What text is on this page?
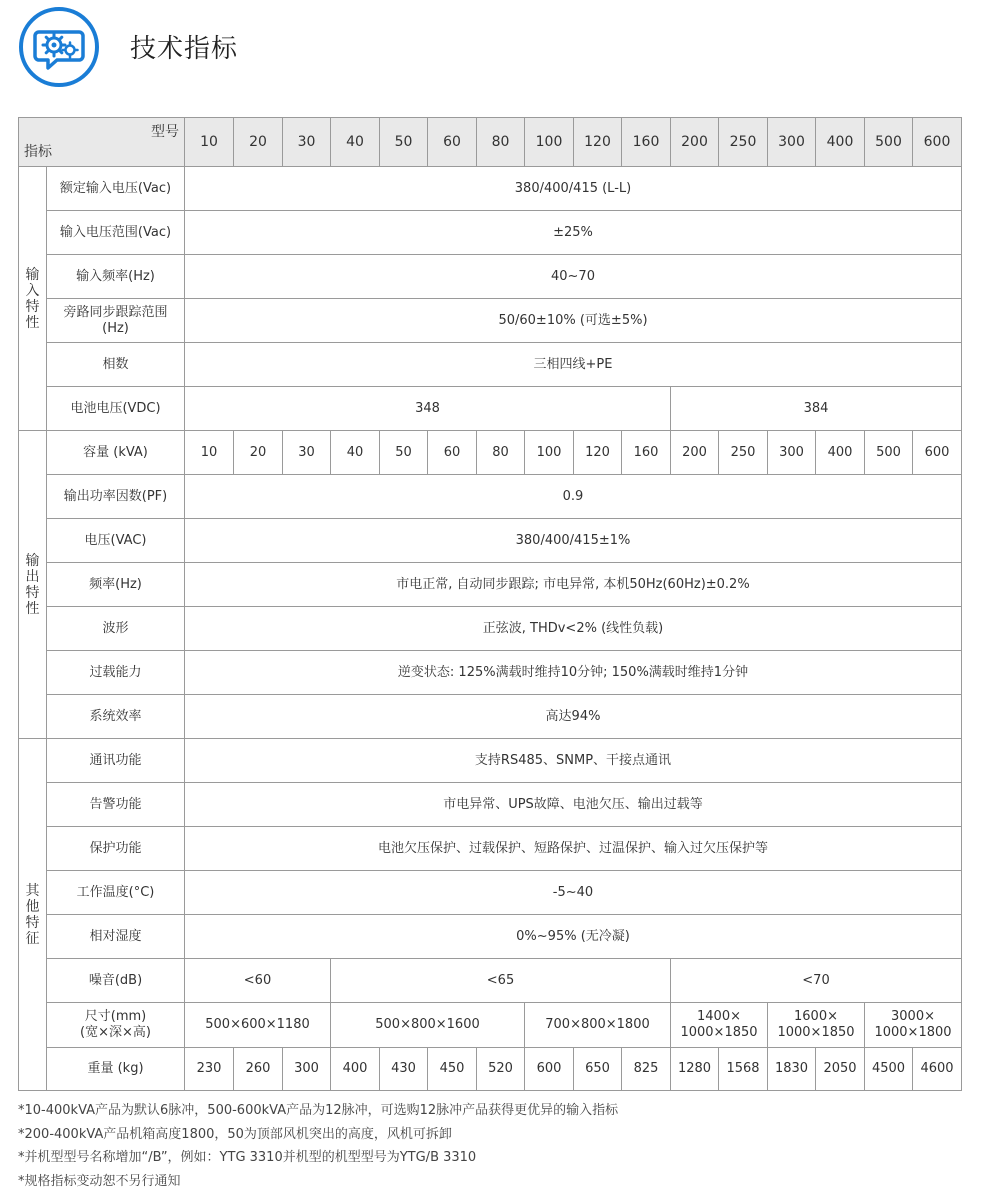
技术指标
型号
指标		10	20	30	40	50	60	80	100	120	160	200	250	300	400	500	600
输
入
特
性	额定输入电压(Vac)	380/400/415 (L-L)															
	输入电压范围(Vac)	±25%															
	输入频率(Hz)	40~70															
	旁路同步跟踪范围
(Hz)	50/60±10% (可选±5%)															
	相数	三相四线+PE															
	电池电压(VDC)	348										384					
输
出
特
性	容量 (kVA)	10	20	30	40	50	60	80	100	120	160	200	250	300	400	500	600
	输出功率因数(PF)	0.9															
	电压(VAC)	380/400/415±1%															
	频率(Hz)	市电正常, 自动同步跟踪; 市电异常, 本机50Hz(60Hz)±0.2%															
	波形	正弦波, THDv<2% (线性负载)															
	过载能力	逆变状态: 125%满载时维持10分钟; 150%满载时维持1分钟															
	系统效率	高达94%															
其
他
特
征	通讯功能	支持RS485、SNMP、干接点通讯															
	告警功能	市电异常、UPS故障、电池欠压、输出过载等															
	保护功能	电池欠压保护、过载保护、短路保护、过温保护、输入过欠压保护等															
	工作温度(°C)	-5~40															
	相对湿度	0%~95% (无冷凝)															
	噪音(dB)	<60			<65							<70					
	尺寸(mm)
(宽×深×高)	500×600×1180			500×800×1600				700×800×1800			1400×
1000×1850		1600×
1000×1850		3000×
1000×1800	
	重量 (kg)	230	260	300	400	430	450	520	600	650	825	1280	1568	1830	2050	4500	4600
*10-400kVA产品为默认6脉冲，500-600kVA产品为12脉冲，可选购12脉冲产品获得更优异的输入指标
*200-400kVA产品机箱高度1800，50为顶部风机突出的高度，风机可拆卸
*并机型型号名称增加“/B”，例如：YTG 3310并机型的机型型号为YTG/B 3310
*规格指标变动恕不另行通知
